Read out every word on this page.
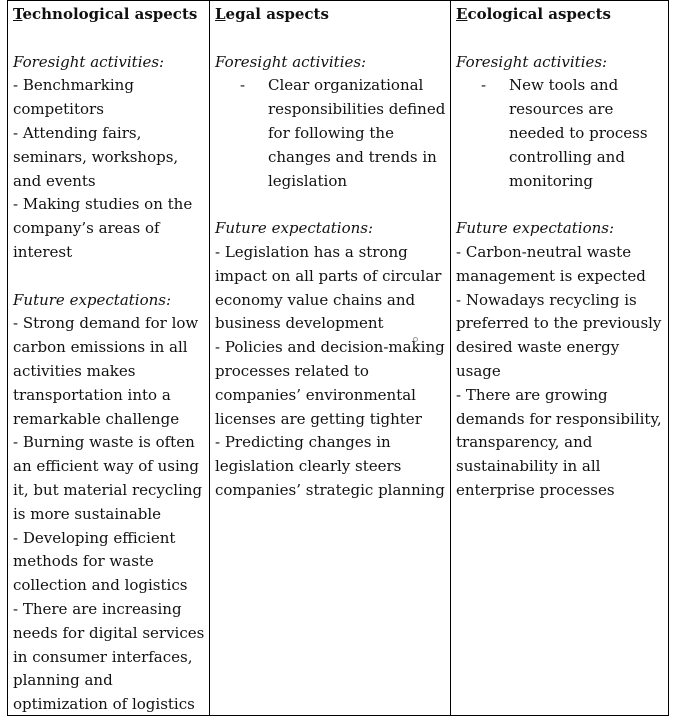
Technological aspects

Foresight activities:

- Benchmarking competitors

- Attending fairs, seminars, workshops, and events

- Making studies on the company’s areas of interest

Future expectations:

- Strong demand for low carbon emissions in all activities makes transportation into a remarkable challenge

- Burning waste is often an efficient way of using it, but material recycling is more sustainable

- Developing efficient methods for waste collection and logistics

- There are increasing needs for digital services in consumer interfaces, planning and optimization of logistics

Legal aspects

Foresight activities:

-	Clear organizational responsibilities defined for following the changes and trends in legislation

Future expectations:

- Legislation has a strong impact on all parts of circular economy value chains and business development

- Policies and decision-making processes related to companies’ environmental licenses are getting tighter

- Predicting changes in legislation clearly steers companies’ strategic planning

Ecological aspects

Foresight activities:

-	New tools and resources are needed to process controlling and monitoring

Future expectations:

- Carbon-neutral waste management is expected

- Nowadays recycling is preferred to the previously desired waste energy usage

- There are growing demands for responsibility, transparency, and sustainability in all enterprise processes
